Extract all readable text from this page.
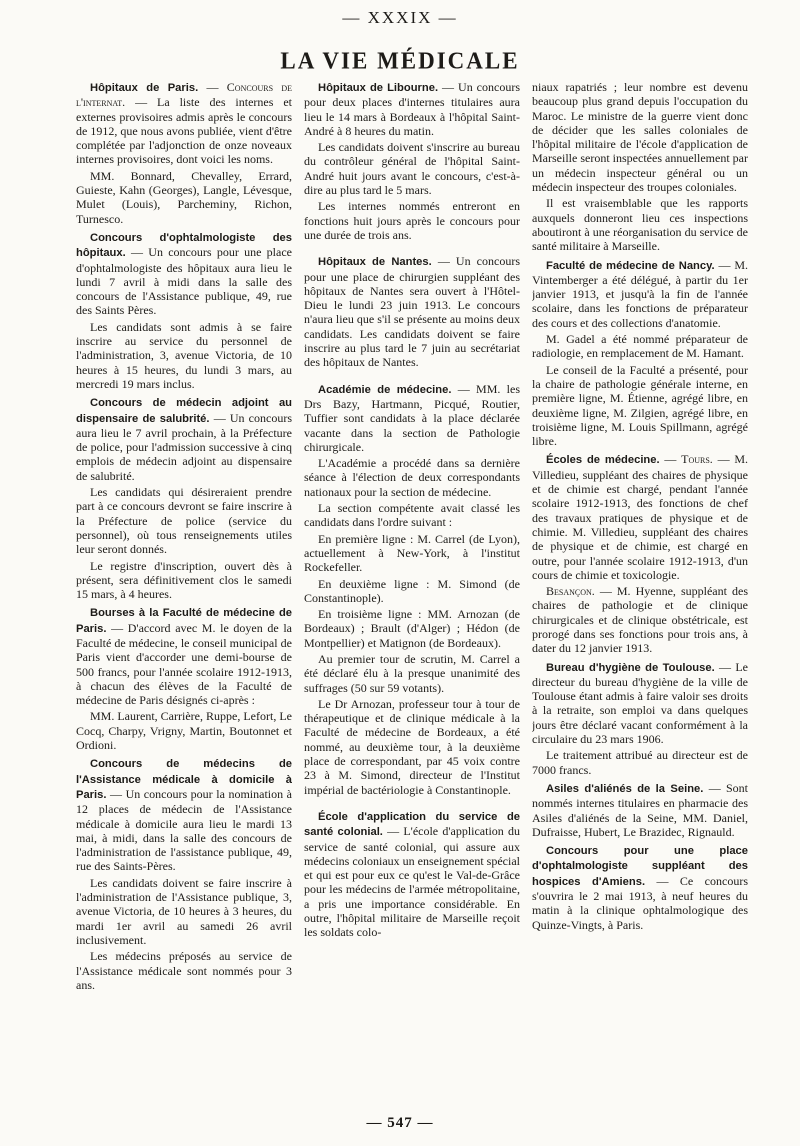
— XXXIX —
LA VIE MÉDICALE

Hôpitaux de Paris. — Concours de l'internat. — La liste des internes et externes provisoires admis après le concours de 1912, que nous avons publiée, vient d'être complétée par l'adjonction de onze noveaux internes provisoires, dont voici les noms.

MM. Bonnard, Chevalley, Errard, Guieste, Kahn (Georges), Langle, Lévesque, Mulet (Louis), Parcheminy, Richon, Turnesco.

Concours d'ophtalmologiste des hôpitaux. — Un concours pour une place d'ophtalmologiste des hôpitaux aura lieu le lundi 7 avril à midi dans la salle des concours de l'Assistance publique, 49, rue des Saints Pères.

Les candidats sont admis à se faire inscrire au service du personnel de l'administration, 3, avenue Victoria, de 10 heures à 15 heures, du lundi 3 mars, au mercredi 19 mars inclus.

Concours de médecin adjoint au dispensaire de salubrité. — Un concours aura lieu le 7 avril prochain, à la Préfecture de police, pour l'admission successive à cinq emplois de médecin adjoint au dispensaire de salubrité.

Les candidats qui désireraient prendre part à ce concours devront se faire inscrire à la Préfecture de police (service du personnel), où tous renseignements utiles leur seront donnés.

Le registre d'inscription, ouvert dès à présent, sera définitivement clos le samedi 15 mars, à 4 heures.

Bourses à la Faculté de médecine de Paris. — D'accord avec M. le doyen de la Faculté de médecine, le conseil municipal de Paris vient d'accorder une demi-bourse de 500 francs, pour l'année scolaire 1912-1913, à chacun des élèves de la Faculté de médecine de Paris désignés ci-après :

MM. Laurent, Carrière, Ruppe, Lefort, Le Cocq, Charpy, Vrigny, Martin, Boutonnet et Ordioni.

Concours de médecins de l'Assistance médicale à domicile à Paris. — Un concours pour la nomination à 12 places de médecin de l'Assistance médicale à domicile aura lieu le mardi 13 mai, à midi, dans la salle des concours de l'administration de l'assistance publique, 49, rue des Saints-Pères.

Les candidats doivent se faire inscrire à l'administration de l'Assistance publique, 3, avenue Victoria, de 10 heures à 3 heures, du mardi 1er avril au samedi 26 avril inclusivement.

Les médecins préposés au service de l'Assistance médicale sont nommés pour 3 ans.

Hôpitaux de Libourne. — Un concours pour deux places d'internes titulaires aura lieu le 14 mars à Bordeaux à l'hôpital Saint-André à 8 heures du matin.

Les candidats doivent s'inscrire au bureau du contrôleur général de l'hôpital Saint-André huit jours avant le concours, c'est-à-dire au plus tard le 5 mars.

Les internes nommés entreront en fonctions huit jours après le concours pour une durée de trois ans.

Hôpitaux de Nantes. — Un concours pour une place de chirurgien suppléant des hôpitaux de Nantes sera ouvert à l'Hôtel-Dieu le lundi 23 juin 1913. Le concours n'aura lieu que s'il se présente au moins deux candidats. Les candidats doivent se faire inscrire au plus tard le 7 juin au secrétariat des hôpitaux de Nantes.

Académie de médecine. — MM. les Drs Bazy, Hartmann, Picqué, Routier, Tuffier sont candidats à la place déclarée vacante dans la section de Pathologie chirurgicale.

L'Académie a procédé dans sa dernière séance à l'élection de deux correspondants nationaux pour la section de médecine.

La section compétente avait classé les candidats dans l'ordre suivant :

En première ligne : M. Carrel (de Lyon), actuellement à New-York, à l'institut Rockefeller.

En deuxième ligne : M. Simond (de Constantinople).

En troisième ligne : MM. Arnozan (de Bordeaux) ; Brault (d'Alger) ; Hédon (de Montpellier) et Matignon (de Bordeaux).

Au premier tour de scrutin, M. Carrel a été déclaré élu à la presque unanimité des suffrages (50 sur 59 votants).

Le Dr Arnozan, professeur tour à tour de thérapeutique et de clinique médicale à la Faculté de médecine de Bordeaux, a été nommé, au deuxième tour, à la deuxième place de correspondant, par 45 voix contre 23 à M. Simond, directeur de l'Institut impérial de bactériologie à Constantinople.

École d'application du service de santé colonial. — L'école d'application du service de santé colonial, qui assure aux médecins coloniaux un enseignement spécial et qui est pour eux ce qu'est le Val-de-Grâce pour les médecins de l'armée métropolitaine, a pris une importance considérable. En outre, l'hôpital militaire de Marseille reçoit les soldats colo-

niaux rapatriés ; leur nombre est devenu beaucoup plus grand depuis l'occupation du Maroc. Le ministre de la guerre vient donc de décider que les salles coloniales de l'hôpital militaire de l'école d'application de Marseille seront inspectées annuellement par un médecin inspecteur général ou un médecin inspecteur des troupes coloniales.

Il est vraisemblable que les rapports auxquels donneront lieu ces inspections aboutiront à une réorganisation du service de santé militaire à Marseille.

Faculté de médecine de Nancy. — M. Vintemberger a été délégué, à partir du 1er janvier 1913, et jusqu'à la fin de l'année scolaire, dans les fonctions de préparateur des cours et des collections d'anatomie.

M. Gadel a été nommé préparateur de radiologie, en remplacement de M. Hamant.

Le conseil de la Faculté a présenté, pour la chaire de pathologie générale interne, en première ligne, M. Étienne, agrégé libre, en deuxième ligne, M. Zilgien, agrégé libre, en troisième ligne, M. Louis Spillmann, agrégé libre.

Écoles de médecine. — Tours. — M. Villedieu, suppléant des chaires de physique et de chimie est chargé, pendant l'année scolaire 1912-1913, des fonctions de chef des travaux pratiques de physique et de chimie. M. Villedieu, suppléant des chaires de physique et de chimie, est chargé en outre, pour l'année scolaire 1912-1913, d'un cours de chimie et toxicologie.

Besançon. — M. Hyenne, suppléant des chaires de pathologie et de clinique chirurgicales et de clinique obstétricale, est prorogé dans ses fonctions pour trois ans, à dater du 12 janvier 1913.

Bureau d'hygiène de Toulouse. — Le directeur du bureau d'hygiène de la ville de Toulouse étant admis à faire valoir ses droits à la retraite, son emploi va dans quelques jours être déclaré vacant conformément à la circulaire du 23 mars 1906.

Le traitement attribué au directeur est de 7000 francs.

Asiles d'aliénés de la Seine. — Sont nommés internes titulaires en pharmacie des Asiles d'aliénés de la Seine, MM. Daniel, Dufraisse, Hubert, Le Brazidec, Rignauld.

Concours pour une place d'ophtalmologiste suppléant des hospices d'Amiens. — Ce concours s'ouvrira le 2 mai 1913, à neuf heures du matin à la clinique ophtalmologique des Quinze-Vingts, à Paris.

— 547 —
